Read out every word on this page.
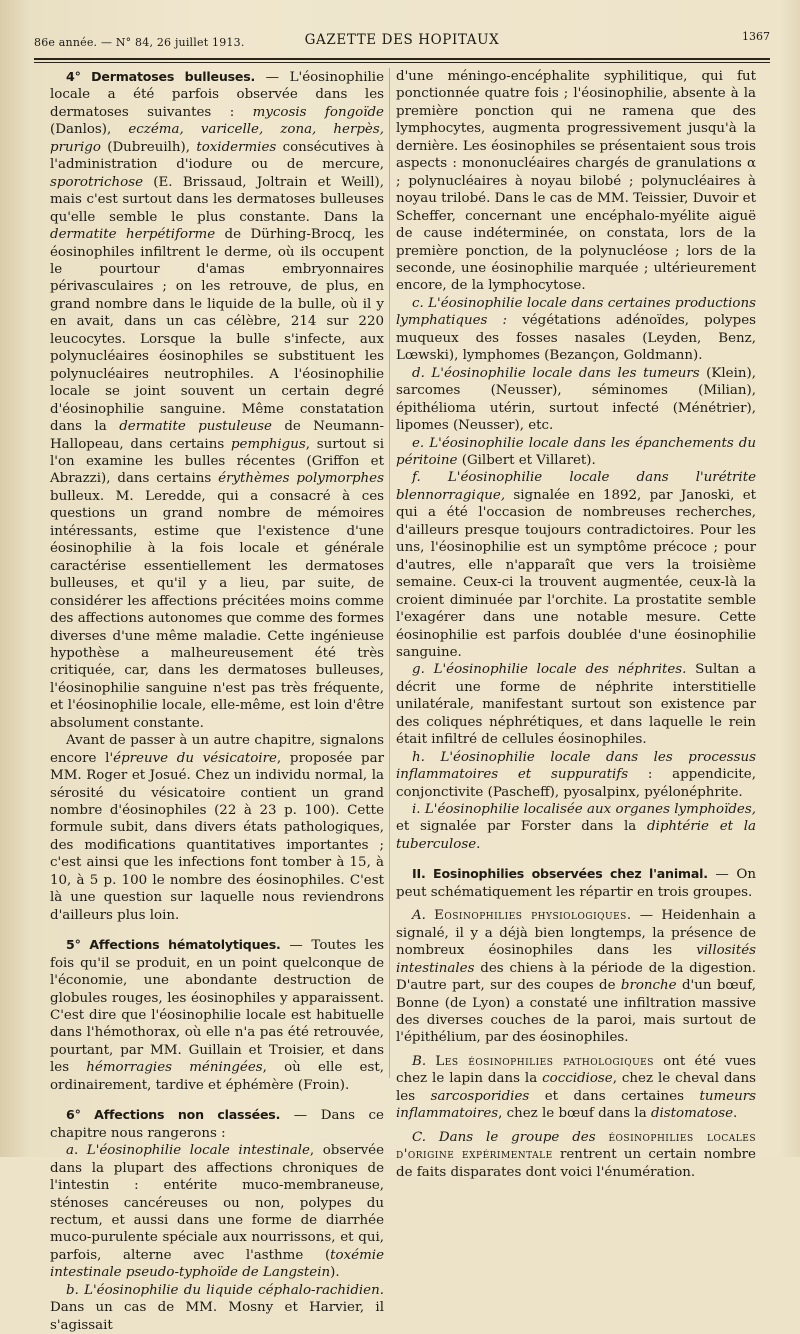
86e année. — N° 84, 26 juillet 1913.	GAZETTE DES HOPITAUX	1367

4° Dermatoses bulleuses. — L'éosinophilie locale a été parfois observée dans les dermatoses suivantes : mycosis fongoïde (Danlos), eczéma, varicelle, zona, herpès, prurigo (Dubreuilh), toxidermies consécutives à l'administration d'iodure ou de mercure, sporotrichose (E. Brissaud, Joltrain et Weill), mais c'est surtout dans les dermatoses bulleuses qu'elle semble le plus constante. Dans la dermatite herpétiforme de Dürhing-Brocq, les éosinophiles infiltrent le derme, où ils occupent le pourtour d'amas embryonnaires périvasculaires ; on les retrouve, de plus, en grand nombre dans le liquide de la bulle, où il y en avait, dans un cas célèbre, 214 sur 220 leucocytes. Lorsque la bulle s'infecte, aux polynucléaires éosinophiles se substituent les polynucléaires neutrophiles. A l'éosinophilie locale se joint souvent un certain degré d'éosinophilie sanguine. Même constatation dans la dermatite pustuleuse de Neumann-Hallopeau, dans certains pemphigus, surtout si l'on examine les bulles récentes (Griffon et Abrazzi), dans certains érythèmes polymorphes bulleux. M. Leredde, qui a consacré à ces questions un grand nombre de mémoires intéressants, estime que l'existence d'une éosinophilie à la fois locale et générale caractérise essentiellement les dermatoses bulleuses, et qu'il y a lieu, par suite, de considérer les affections précitées moins comme des affections autonomes que comme des formes diverses d'une même maladie. Cette ingénieuse hypothèse a malheureusement été très critiquée, car, dans les dermatoses bulleuses, l'éosinophilie sanguine n'est pas très fréquente, et l'éosinophilie locale, elle-même, est loin d'être absolument constante.

Avant de passer à un autre chapitre, signalons encore l'épreuve du vésicatoire, proposée par MM. Roger et Josué. Chez un individu normal, la sérosité du vésicatoire contient un grand nombre d'éosinophiles (22 à 23 p. 100). Cette formule subit, dans divers états pathologiques, des modifications quantitatives importantes ; c'est ainsi que les infections font tomber à 15, à 10, à 5 p. 100 le nombre des éosinophiles. C'est là une question sur laquelle nous reviendrons d'ailleurs plus loin.

5° Affections hématolytiques. — Toutes les fois qu'il se produit, en un point quelconque de l'économie, une abondante destruction de globules rouges, les éosinophiles y apparaissent. C'est dire que l'éosinophilie locale est habituelle dans l'hémothorax, où elle n'a pas été retrouvée, pourtant, par MM. Guillain et Troisier, et dans les hémorragies méningées, où elle est, ordinairement, tardive et éphémère (Froin).

6° Affections non classées. — Dans ce chapitre nous rangerons :

a. L'éosinophilie locale intestinale, observée dans la plupart des affections chroniques de l'intestin : entérite muco-membraneuse, sténoses cancéreuses ou non, polypes du rectum, et aussi dans une forme de diarrhée muco-purulente spéciale aux nourrissons, et qui, parfois, alterne avec l'asthme (toxémie intestinale pseudo-typhoïde de Langstein).

b. L'éosinophilie du liquide céphalo-rachidien. Dans un cas de MM. Mosny et Harvier, il s'agissait

d'une méningo-encéphalite syphilitique, qui fut ponctionnée quatre fois ; l'éosinophilie, absente à la première ponction qui ne ramena que des lymphocytes, augmenta progressivement jusqu'à la dernière. Les éosinophiles se présentaient sous trois aspects : mononucléaires chargés de granulations α ; polynucléaires à noyau bilobé ; polynucléaires à noyau trilobé. Dans le cas de MM. Teissier, Duvoir et Scheffer, concernant une encéphalo-myélite aiguë de cause indéterminée, on constata, lors de la première ponction, de la polynucléose ; lors de la seconde, une éosinophilie marquée ; ultérieurement encore, de la lymphocytose.

c. L'éosinophilie locale dans certaines productions lymphatiques : végétations adénoïdes, polypes muqueux des fosses nasales (Leyden, Benz, Lœwski), lymphomes (Bezançon, Goldmann).

d. L'éosinophilie locale dans les tumeurs (Klein), sarcomes (Neusser), séminomes (Milian), épithélioma utérin, surtout infecté (Ménétrier), lipomes (Neusser), etc.

e. L'éosinophilie locale dans les épanchements du péritoine (Gilbert et Villaret).

f. L'éosinophilie locale dans l'urétrite blennorragique, signalée en 1892, par Janoski, et qui a été l'occasion de nombreuses recherches, d'ailleurs presque toujours contradictoires. Pour les uns, l'éosinophilie est un symptôme précoce ; pour d'autres, elle n'apparaît que vers la troisième semaine. Ceux-ci la trouvent augmentée, ceux-là la croient diminuée par l'orchite. La prostatite semble l'exagérer dans une notable mesure. Cette éosinophilie est parfois doublée d'une éosinophilie sanguine.

g. L'éosinophilie locale des néphrites. Sultan a décrit une forme de néphrite interstitielle unilatérale, manifestant surtout son existence par des coliques néphrétiques, et dans laquelle le rein était infiltré de cellules éosinophiles.

h. L'éosinophilie locale dans les processus inflammatoires et suppuratifs : appendicite, conjonctivite (Pascheff), pyosalpinx, pyélonéphrite.

i. L'éosinophilie localisée aux organes lymphoïdes, et signalée par Forster dans la diphtérie et la tuberculose.

II. Eosinophilies observées chez l'animal. — On peut schématiquement les répartir en trois groupes.

A. Eosinophilies physiologiques. — Heidenhain a signalé, il y a déjà bien longtemps, la présence de nombreux éosinophiles dans les villosités intestinales des chiens à la période de la digestion. D'autre part, sur des coupes de bronche d'un bœuf, Bonne (de Lyon) a constaté une infiltration massive des diverses couches de la paroi, mais surtout de l'épithélium, par des éosinophiles.

B. Les éosinophilies pathologiques ont été vues chez le lapin dans la coccidiose, chez le cheval dans les sarcosporidies et dans certaines tumeurs inflammatoires, chez le bœuf dans la distomatose.

C. Dans le groupe des éosinophilies locales d'origine expérimentale rentrent un certain nombre de faits disparates dont voici l'énumération.
